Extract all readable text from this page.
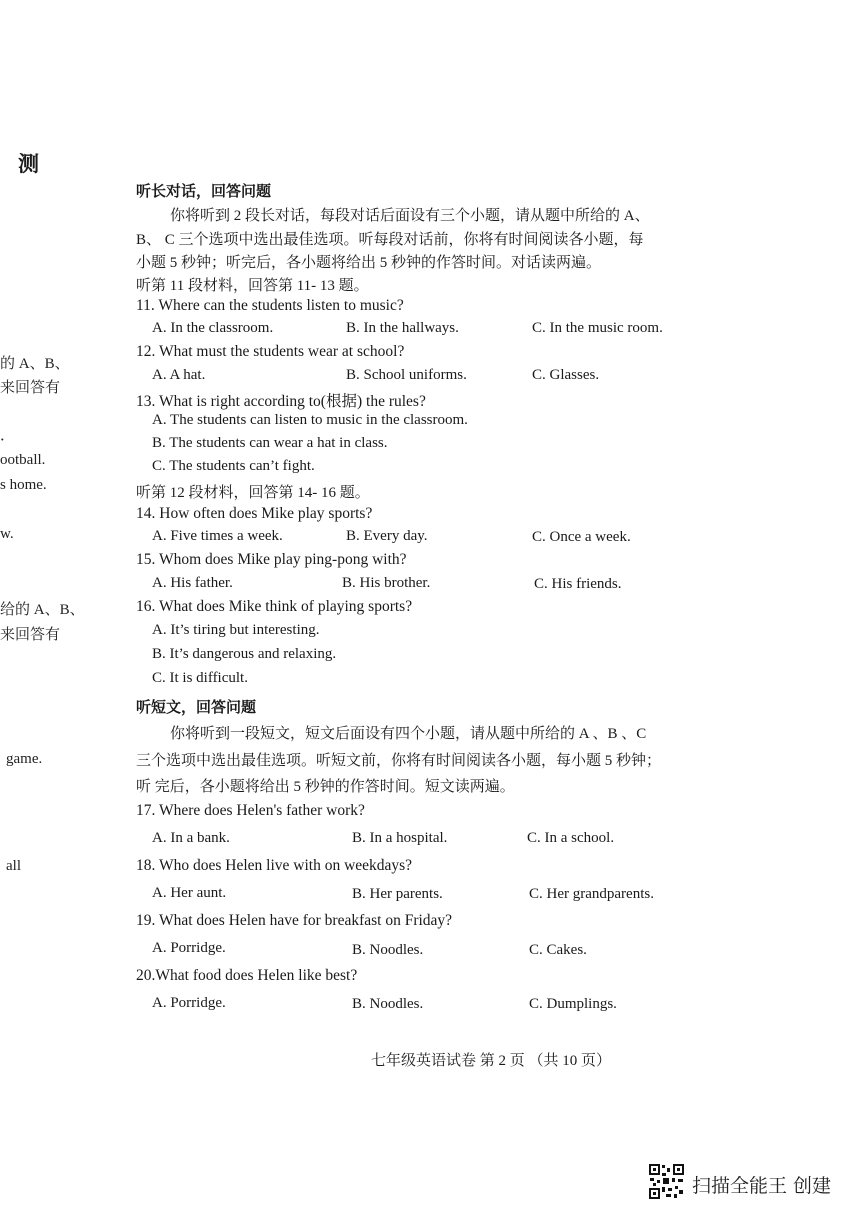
测
的 A、B、
来回答有
．
ootball.
s home.
w.
给的 A、B、
来回答有
game.
all
听长对话，回答问题
你将听到 2 段长对话，每段对话后面设有三个小题，请从题中所给的 A、
B、 C 三个选项中选出最佳选项。听每段对话前，你将有时间阅读各小题，每
小题 5 秒钟；听完后，各小题将给出 5 秒钟的作答时间。对话读两遍。
听第 11 段材料，回答第 11- 13 题。
11. Where can the students listen to music?
A. In the classroom.	B. In the hallways.	C. In the music room.
12. What must the students wear at school?
A. A hat.	B. School uniforms.	C. Glasses.
13. What is right according to(根据) the rules?
A. The students can listen to music in the classroom.
B. The students can wear a hat in class.
C. The students can’t fight.
听第 12 段材料，回答第 14- 16 题。
14. How often does Mike play sports?
A. Five times a week.	B. Every day.	C. Once a week.
15. Whom does Mike play ping-pong with?
A. His father.	B. His brother.	C. His friends.
16. What does Mike think of playing sports?
A. It’s tiring but interesting.
B. It’s dangerous and relaxing.
C. It is difficult.
听短文，回答问题
你将听到一段短文，短文后面设有四个小题，请从题中所给的 A 、B 、C
三个选项中选出最佳选项。听短文前，你将有时间阅读各小题，每小题 5 秒钟；
听 完后，各小题将给出 5 秒钟的作答时间。短文读两遍。
17. Where does Helen's father work?
A. In a bank.	B. In a hospital.	C. In a school.
18. Who does Helen live with on weekdays?
A. Her aunt.	B. Her parents.	C. Her grandparents.
19. What does Helen have for breakfast on Friday?
A. Porridge.	B. Noodles.	C. Cakes.
20.What food does Helen like best?
A. Porridge.	B. Noodles.	C. Dumplings.
七年级英语试卷 第 2 页 （共 10 页）
扫描全能王 创建
